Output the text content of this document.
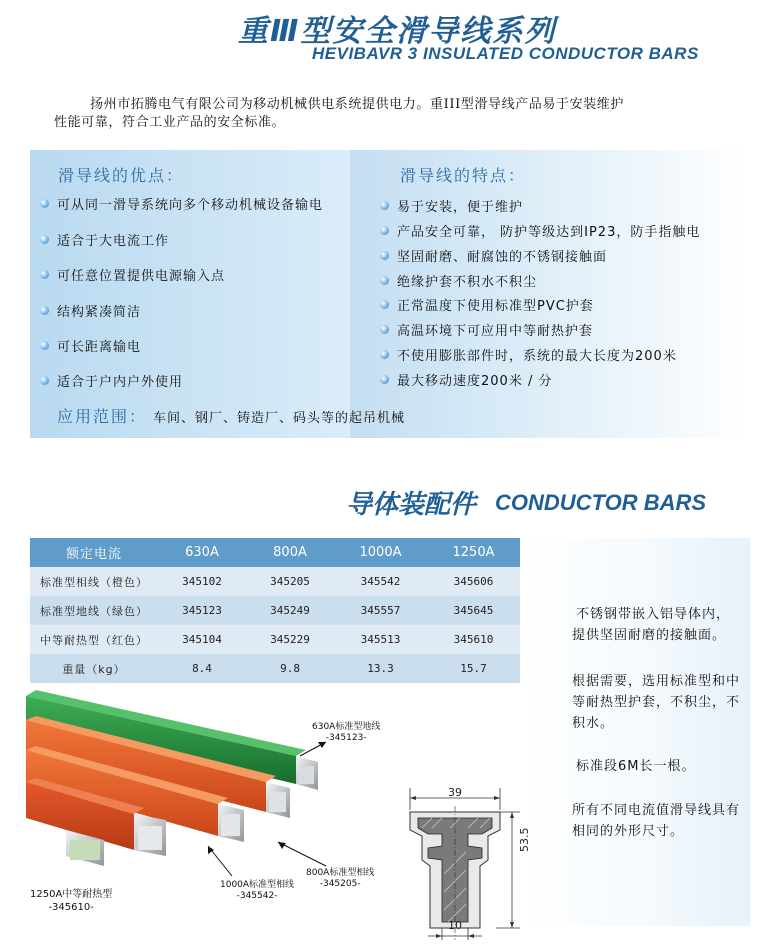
重Ⅲ型安全滑导线系列
HEVIBAVR 3 INSULATED CONDUCTOR BARS
扬州市拓腾电气有限公司为移动机械供电系统提供电力。重III型滑导线产品易于安装维护
性能可靠，符合工业产品的安全标准。
滑导线的优点：	滑导线的特点：
可从同一滑导系统向多个移动机械设备输电
适合于大电流工作
可任意位置提供电源输入点
结构紧凑简洁
可长距离输电
适合于户内户外使用
易于安装，便于维护
产品安全可靠， 防护等级达到IP23，防手指触电
坚固耐磨、耐腐蚀的不锈钢接触面
绝缘护套不积水不积尘
正常温度下使用标准型PVC护套
高温环境下可应用中等耐热护套
不使用膨胀部件时，系统的最大长度为200米
最大移动速度200米 / 分
应用范围： 车间、钢厂、铸造厂、码头等的起吊机械
导体装配件 CONDUCTOR BARS
不锈钢带嵌入铝导体内，提供坚固耐磨的接触面。
根据需要，选用标准型和中等耐热型护套，不积尘，不积水。
标准段6M长一根。
所有不同电流值滑导线具有相同的外形尺寸。
额定电流	630A	800A	1000A	1250A
标准型相线（橙色）	345102	345205	345542	345606
标准型地线（绿色）	345123	345249	345557	345645
中等耐热型（红色）	345104	345229	345513	345610
重量（kg）	8.4	9.8	13.3	15.7
630A标准型地线
-345123-
800A标准型相线
-345205-
1000A标准型相线
-345542-
1250A中等耐热型
-345610-
39
53.5
10
